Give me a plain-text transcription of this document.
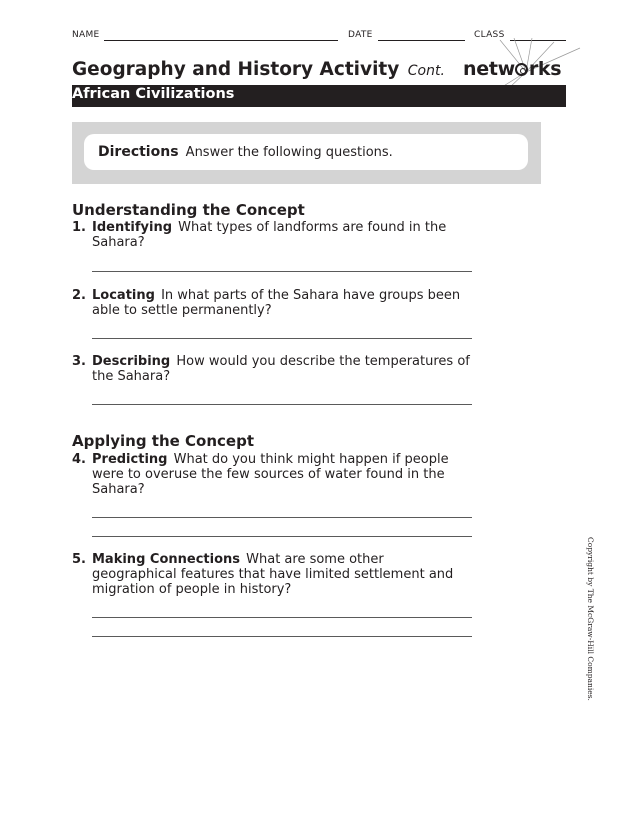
NAME	DATE	CLASS
Geography and History Activity Cont. netw rks
African Civilizations
Directions Answer the following questions.
Understanding the Concept
1. Identifying What types of landforms are found in the Sahara?
2. Locating In what parts of the Sahara have groups been able to settle permanently?
3. Describing How would you describe the temperatures of the Sahara?
Applying the Concept
4. Predicting What do you think might happen if people were to overuse the few sources of water found in the Sahara?
5. Making Connections What are some other geographical features that have limited settlement and migration of people in history?	Copyright by The McGraw-Hill Companies.
